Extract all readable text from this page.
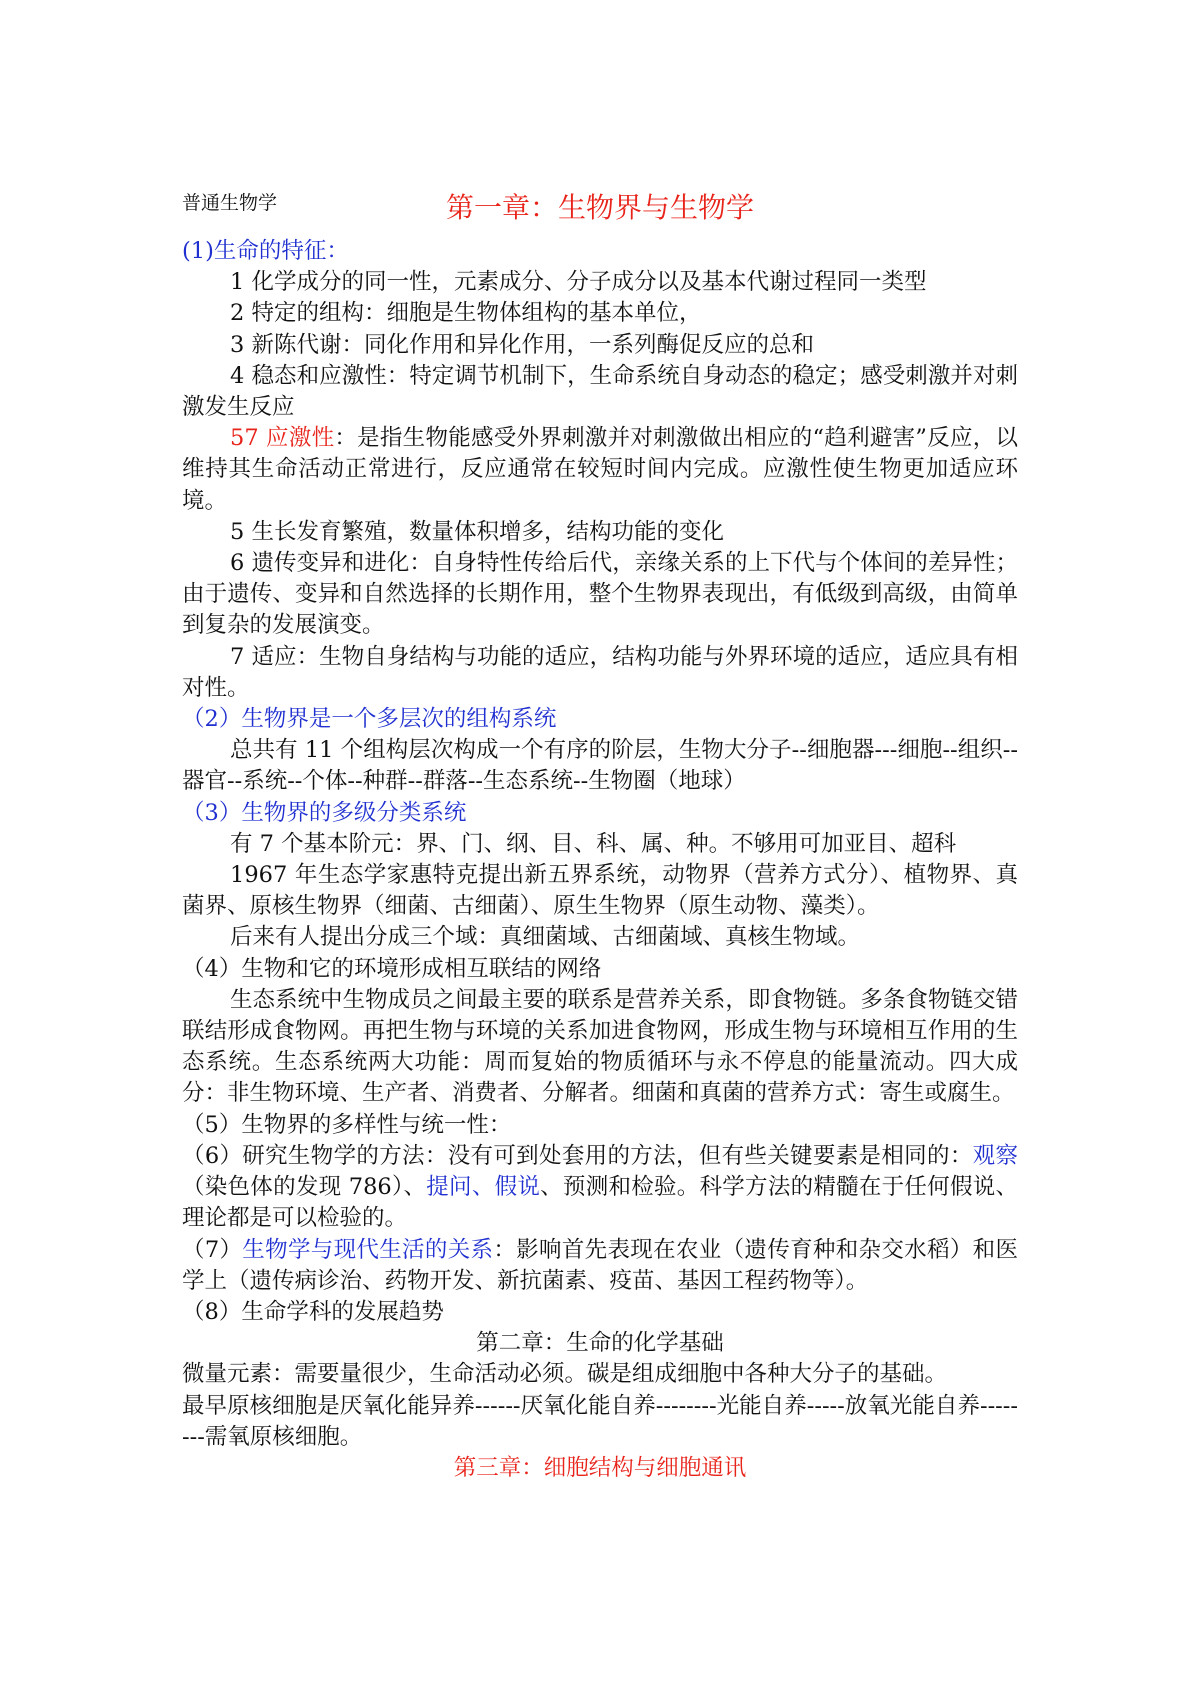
普通生物学	第一章：生物界与生物学

(1)生命的特征：

1 化学成分的同一性，元素成分、分子成分以及基本代谢过程同一类型

2 特定的组构：细胞是生物体组构的基本单位，

3 新陈代谢：同化作用和异化作用，一系列酶促反应的总和

4 稳态和应激性：特定调节机制下，生命系统自身动态的稳定；感受刺激并对刺激发生反应

57 应激性：是指生物能感受外界刺激并对刺激做出相应的“趋利避害”反应，以维持其生命活动正常进行，反应通常在较短时间内完成。应激性使生物更加适应环境。

5 生长发育繁殖，数量体积增多，结构功能的变化

6 遗传变异和进化：自身特性传给后代，亲缘关系的上下代与个体间的差异性；由于遗传、变异和自然选择的长期作用，整个生物界表现出，有低级到高级，由简单到复杂的发展演变。

7 适应：生物自身结构与功能的适应，结构功能与外界环境的适应，适应具有相对性。

（2）生物界是一个多层次的组构系统

总共有 11 个组构层次构成一个有序的阶层，生物大分子--细胞器---细胞--组织--器官--系统--个体--种群--群落--生态系统--生物圈（地球）

（3）生物界的多级分类系统

有 7 个基本阶元：界、门、纲、目、科、属、种。不够用可加亚目、超科

1967 年生态学家惠特克提出新五界系统，动物界（营养方式分）、植物界、真菌界、原核生物界（细菌、古细菌）、原生生物界（原生动物、藻类）。

后来有人提出分成三个域：真细菌域、古细菌域、真核生物域。

（4）生物和它的环境形成相互联结的网络

生态系统中生物成员之间最主要的联系是营养关系，即食物链。多条食物链交错联结形成食物网。再把生物与环境的关系加进食物网，形成生物与环境相互作用的生态系统。生态系统两大功能：周而复始的物质循环与永不停息的能量流动。四大成分：非生物环境、生产者、消费者、分解者。细菌和真菌的营养方式：寄生或腐生。

（5）生物界的多样性与统一性：

（6）研究生物学的方法：没有可到处套用的方法，但有些关键要素是相同的：观察（染色体的发现 786）、提问、假说、预测和检验。科学方法的精髓在于任何假说、理论都是可以检验的。

（7）生物学与现代生活的关系：影响首先表现在农业（遗传育种和杂交水稻）和医学上（遗传病诊治、药物开发、新抗菌素、疫苗、基因工程药物等）。

（8）生命学科的发展趋势

第二章：生命的化学基础

微量元素：需要量很少，生命活动必须。碳是组成细胞中各种大分子的基础。

最早原核细胞是厌氧化能异养------厌氧化能自养--------光能自养-----放氧光能自养--------需氧原核细胞。

第三章：细胞结构与细胞通讯
